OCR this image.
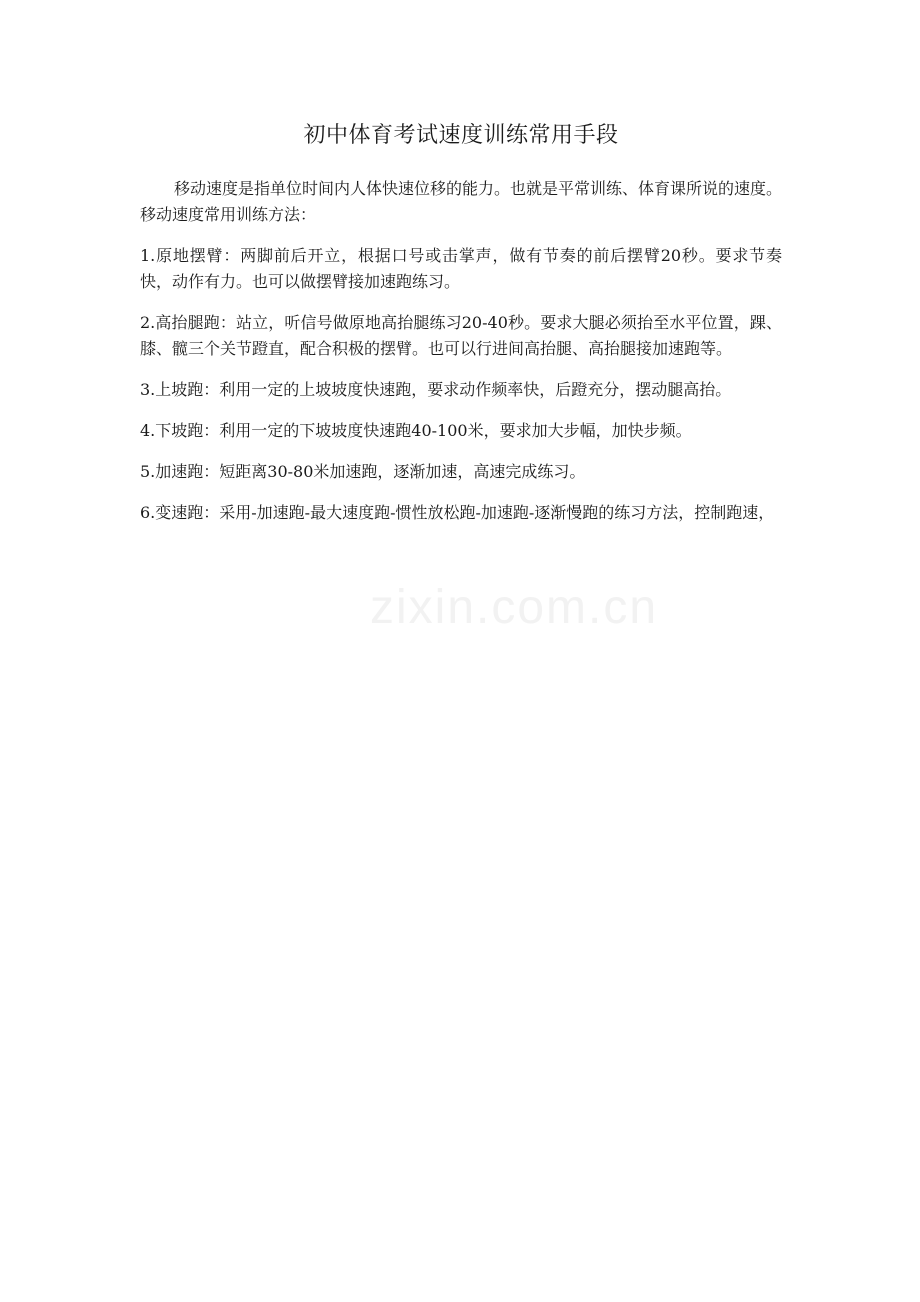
zixin.com.cn
初中体育考试速度训练常用手段

移动速度是指单位时间内人体快速位移的能力。也就是平常训练、体育课所说的速度。移动速度常用训练方法：

1.原地摆臂：两脚前后开立，根据口号或击掌声，做有节奏的前后摆臂20秒。要求节奏快，动作有力。也可以做摆臂接加速跑练习。

2.高抬腿跑：站立，听信号做原地高抬腿练习20-40秒。要求大腿必须抬至水平位置，踝、膝、髋三个关节蹬直，配合积极的摆臂。也可以行进间高抬腿、高抬腿接加速跑等。

3.上坡跑：利用一定的上坡坡度快速跑，要求动作频率快，后蹬充分，摆动腿高抬。

4.下坡跑：利用一定的下坡坡度快速跑40-100米，要求加大步幅，加快步频。

5.加速跑：短距离30-80米加速跑，逐渐加速，高速完成练习。

6.变速跑：采用-加速跑-最大速度跑-惯性放松跑-加速跑-逐渐慢跑的练习方法，控制跑速，
